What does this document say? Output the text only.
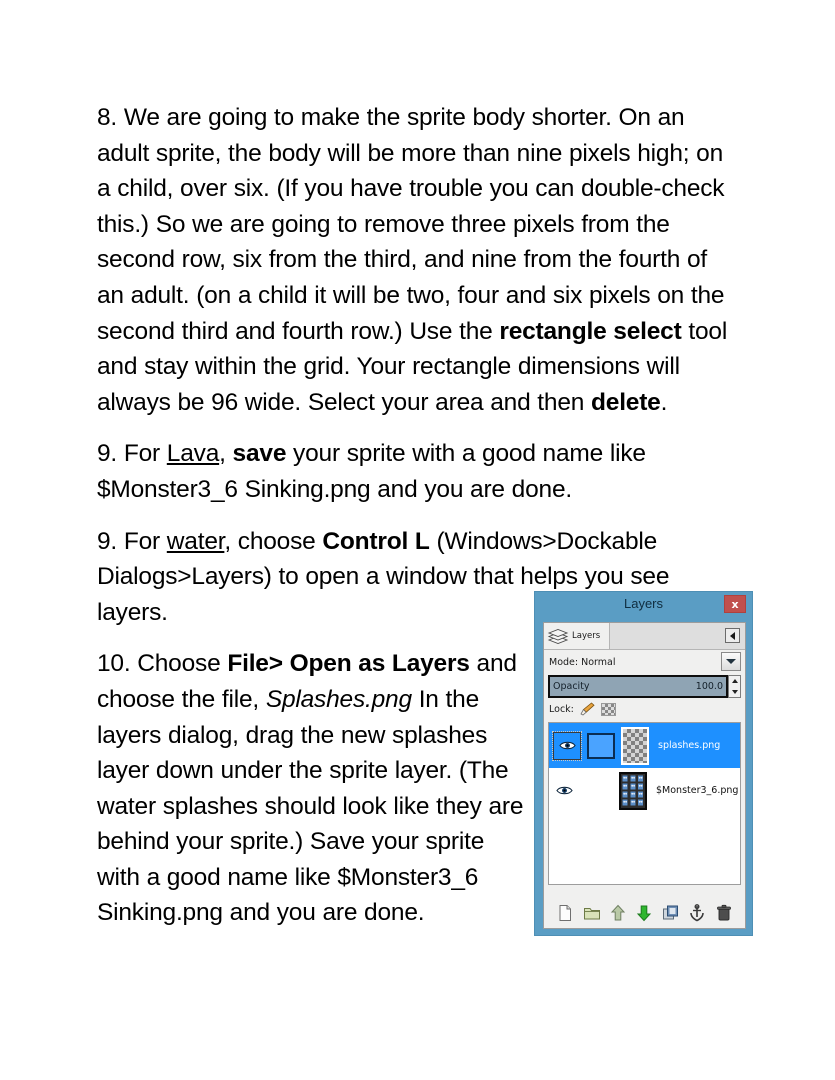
8. We are going to make the sprite body shorter. On an adult sprite, the body will be more than nine pixels high; on a child, over six. (If you have trouble you can double-check this.) So we are going to remove three pixels from the second row, six from the third, and nine from the fourth of an adult. (on a child it will be two, four and six pixels on the second third and fourth row.) Use the rectangle select tool and stay within the grid. Your rectangle dimensions will always be 96 wide. Select your area and then delete.

9. For Lava, save your sprite with a good name like $Monster3_6 Sinking.png and you are done.

9. For water, choose Control L (Windows>Dockable Dialogs>Layers) to open a window that helps you see layers.

10. Choose File> Open as Layers and choose the file, Splashes.png In the layers dialog, drag the new splashes layer down under the sprite layer. (The water splashes should look like they are behind your sprite.) Save your sprite with a good name like $Monster3_6 Sinking.png and you are done.

Layers	x
Layers
Mode: Normal
Opacity	100.0
Lock:
splashes.png
$Monster3_6.png
